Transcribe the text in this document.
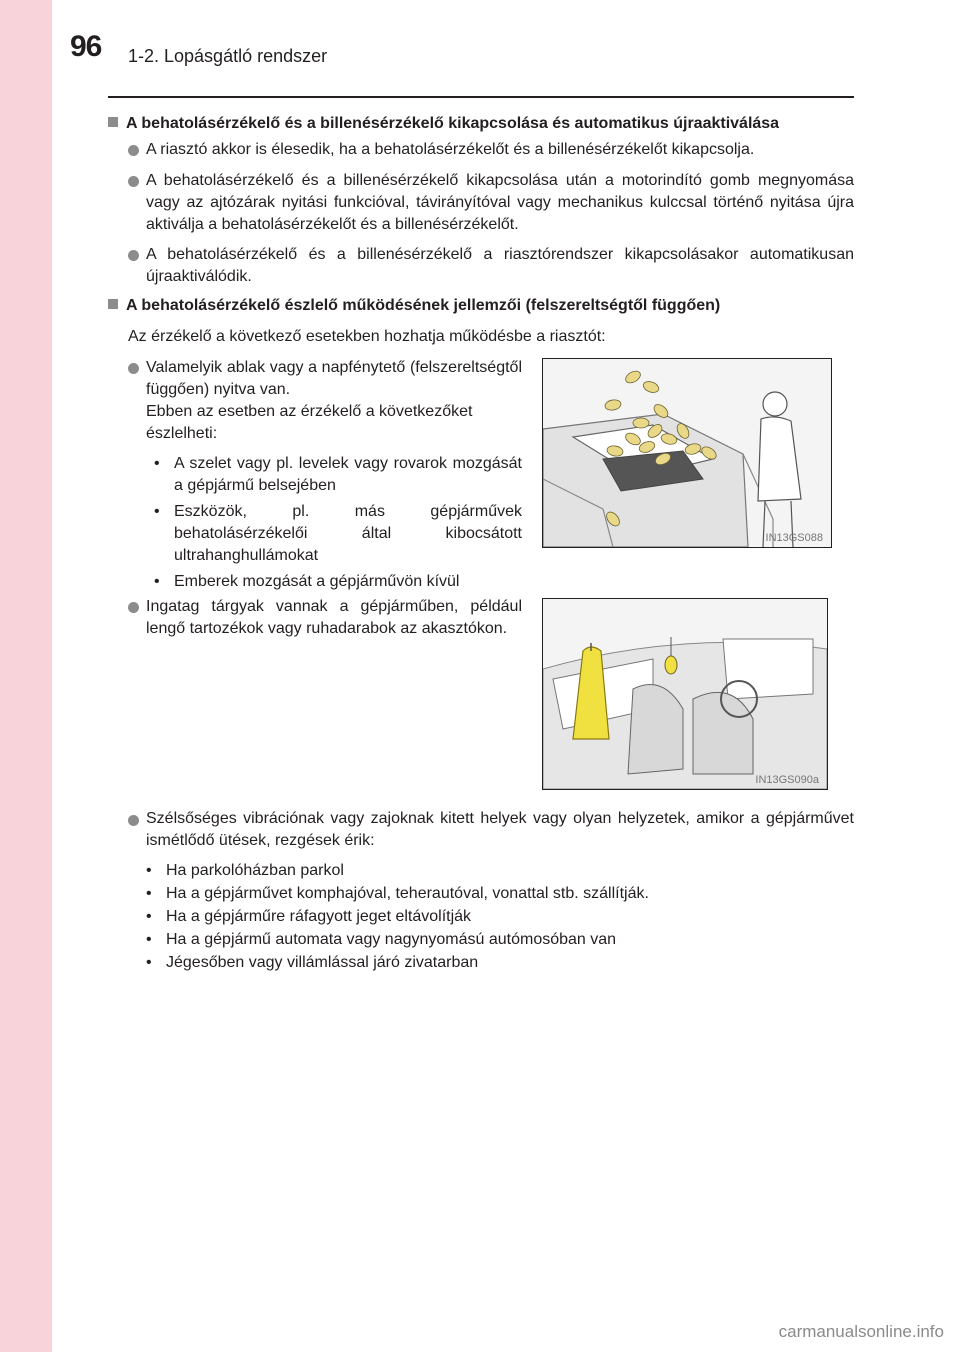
96 1-2. Lopásgátló rendszer
A behatolásérzékelő és a billenésérzékelő kikapcsolása és automatikus újraaktiválása
A riasztó akkor is élesedik, ha a behatolásérzékelőt és a billenésérzékelőt kikapcsolja.
A behatolásérzékelő és a billenésérzékelő kikapcsolása után a motorindító gomb megnyomása vagy az ajtózárak nyitási funkcióval, távirányítóval vagy mechanikus kulccsal történő nyitása újra aktiválja a behatolásérzékelőt és a billenésérzékelőt.
A behatolásérzékelő és a billenésérzékelő a riasztórendszer kikapcsolásakor automatikusan újraaktiválódik.
A behatolásérzékelő észlelő működésének jellemzői (felszereltségtől függően)
Az érzékelő a következő esetekben hozhatja működésbe a riasztót:
Valamelyik ablak vagy a napfénytető (felszereltségtől függően) nyitva van.
Ebben az esetben az érzékelő a következőket észlelheti:
• A szelet vagy pl. levelek vagy rovarok mozgását a gépjármű belsejében
• Eszközök, pl. más gépjárművek behatolásérzékelői által kibocsátott ultrahanghullámokat
• Emberek mozgását a gépjárművön kívül
IN13GS088
Ingatag tárgyak vannak a gépjárműben, például lengő tartozékok vagy ruhadarabok az akasztókon.
IN13GS090a
Szélsőséges vibrációnak vagy zajoknak kitett helyek vagy olyan helyzetek, amikor a gépjárművet ismétlődő ütések, rezgések érik:
• Ha parkolóházban parkol
• Ha a gépjárművet komphajóval, teherautóval, vonattal stb. szállítják.
• Ha a gépjárműre ráfagyott jeget eltávolítják
• Ha a gépjármű automata vagy nagynyomású autómosóban van
• Jégesőben vagy villámlással járó zivatarban
carmanualsonline.info
